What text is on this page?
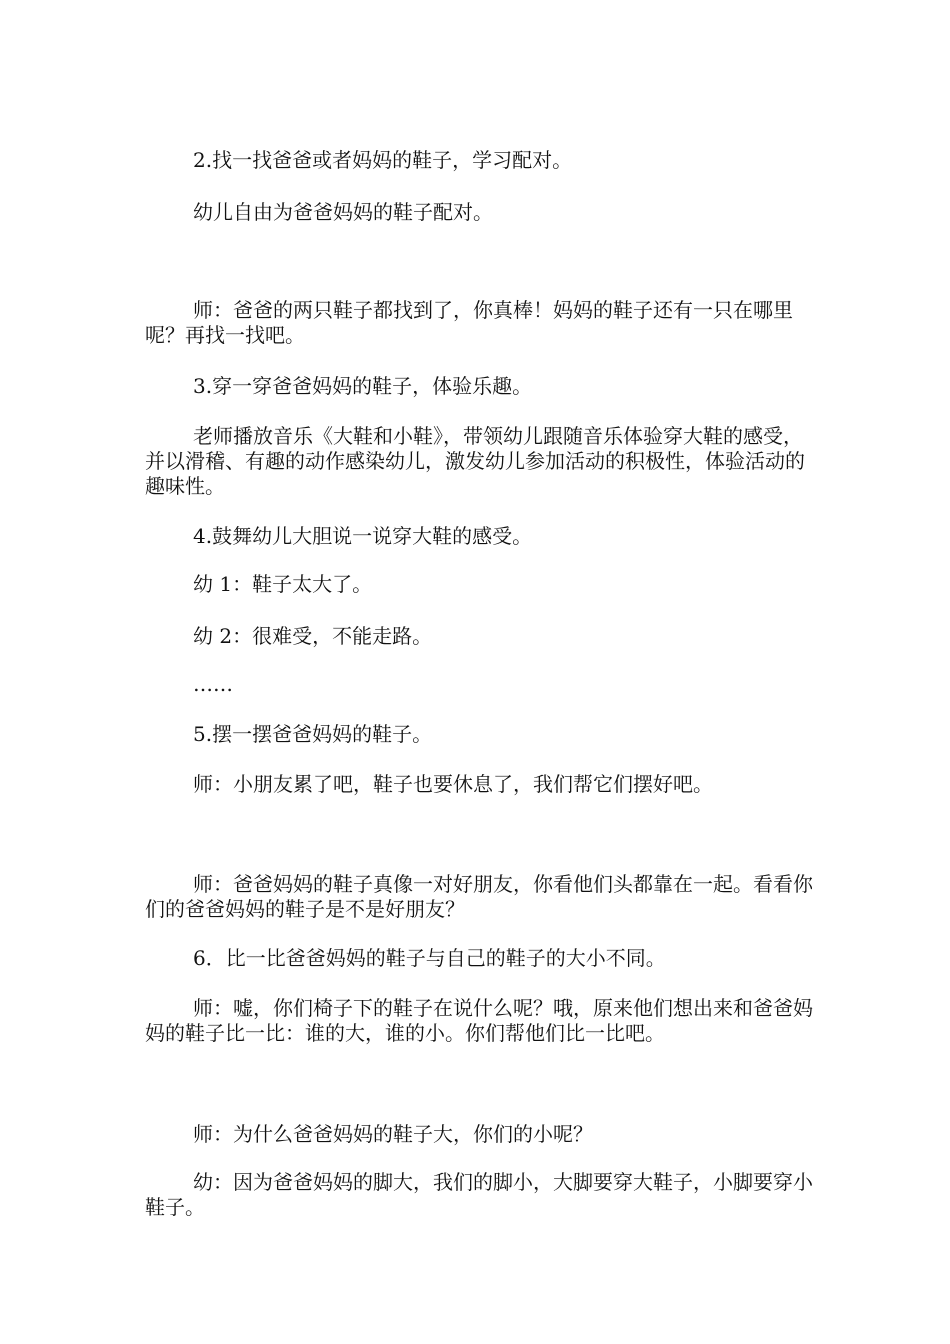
2.找一找爸爸或者妈妈的鞋子，学习配对。

幼儿自由为爸爸妈妈的鞋子配对。

师：爸爸的两只鞋子都找到了，你真棒！妈妈的鞋子还有一只在哪里呢？再找一找吧。

3.穿一穿爸爸妈妈的鞋子，体验乐趣。

老师播放音乐《大鞋和小鞋》，带领幼儿跟随音乐体验穿大鞋的感受，并以滑稽、有趣的动作感染幼儿，激发幼儿参加活动的积极性，体验活动的趣味性。

4.鼓舞幼儿大胆说一说穿大鞋的感受。

幼 1：鞋子太大了。

幼 2：很难受，不能走路。

……

5.摆一摆爸爸妈妈的鞋子。

师：小朋友累了吧，鞋子也要休息了，我们帮它们摆好吧。

师：爸爸妈妈的鞋子真像一对好朋友，你看他们头都靠在一起。看看你们的爸爸妈妈的鞋子是不是好朋友？

6．比一比爸爸妈妈的鞋子与自己的鞋子的大小不同。

师：嘘，你们椅子下的鞋子在说什么呢？哦，原来他们想出来和爸爸妈妈的鞋子比一比：谁的大，谁的小。你们帮他们比一比吧。

师：为什么爸爸妈妈的鞋子大，你们的小呢？

幼：因为爸爸妈妈的脚大，我们的脚小，大脚要穿大鞋子，小脚要穿小鞋子。
